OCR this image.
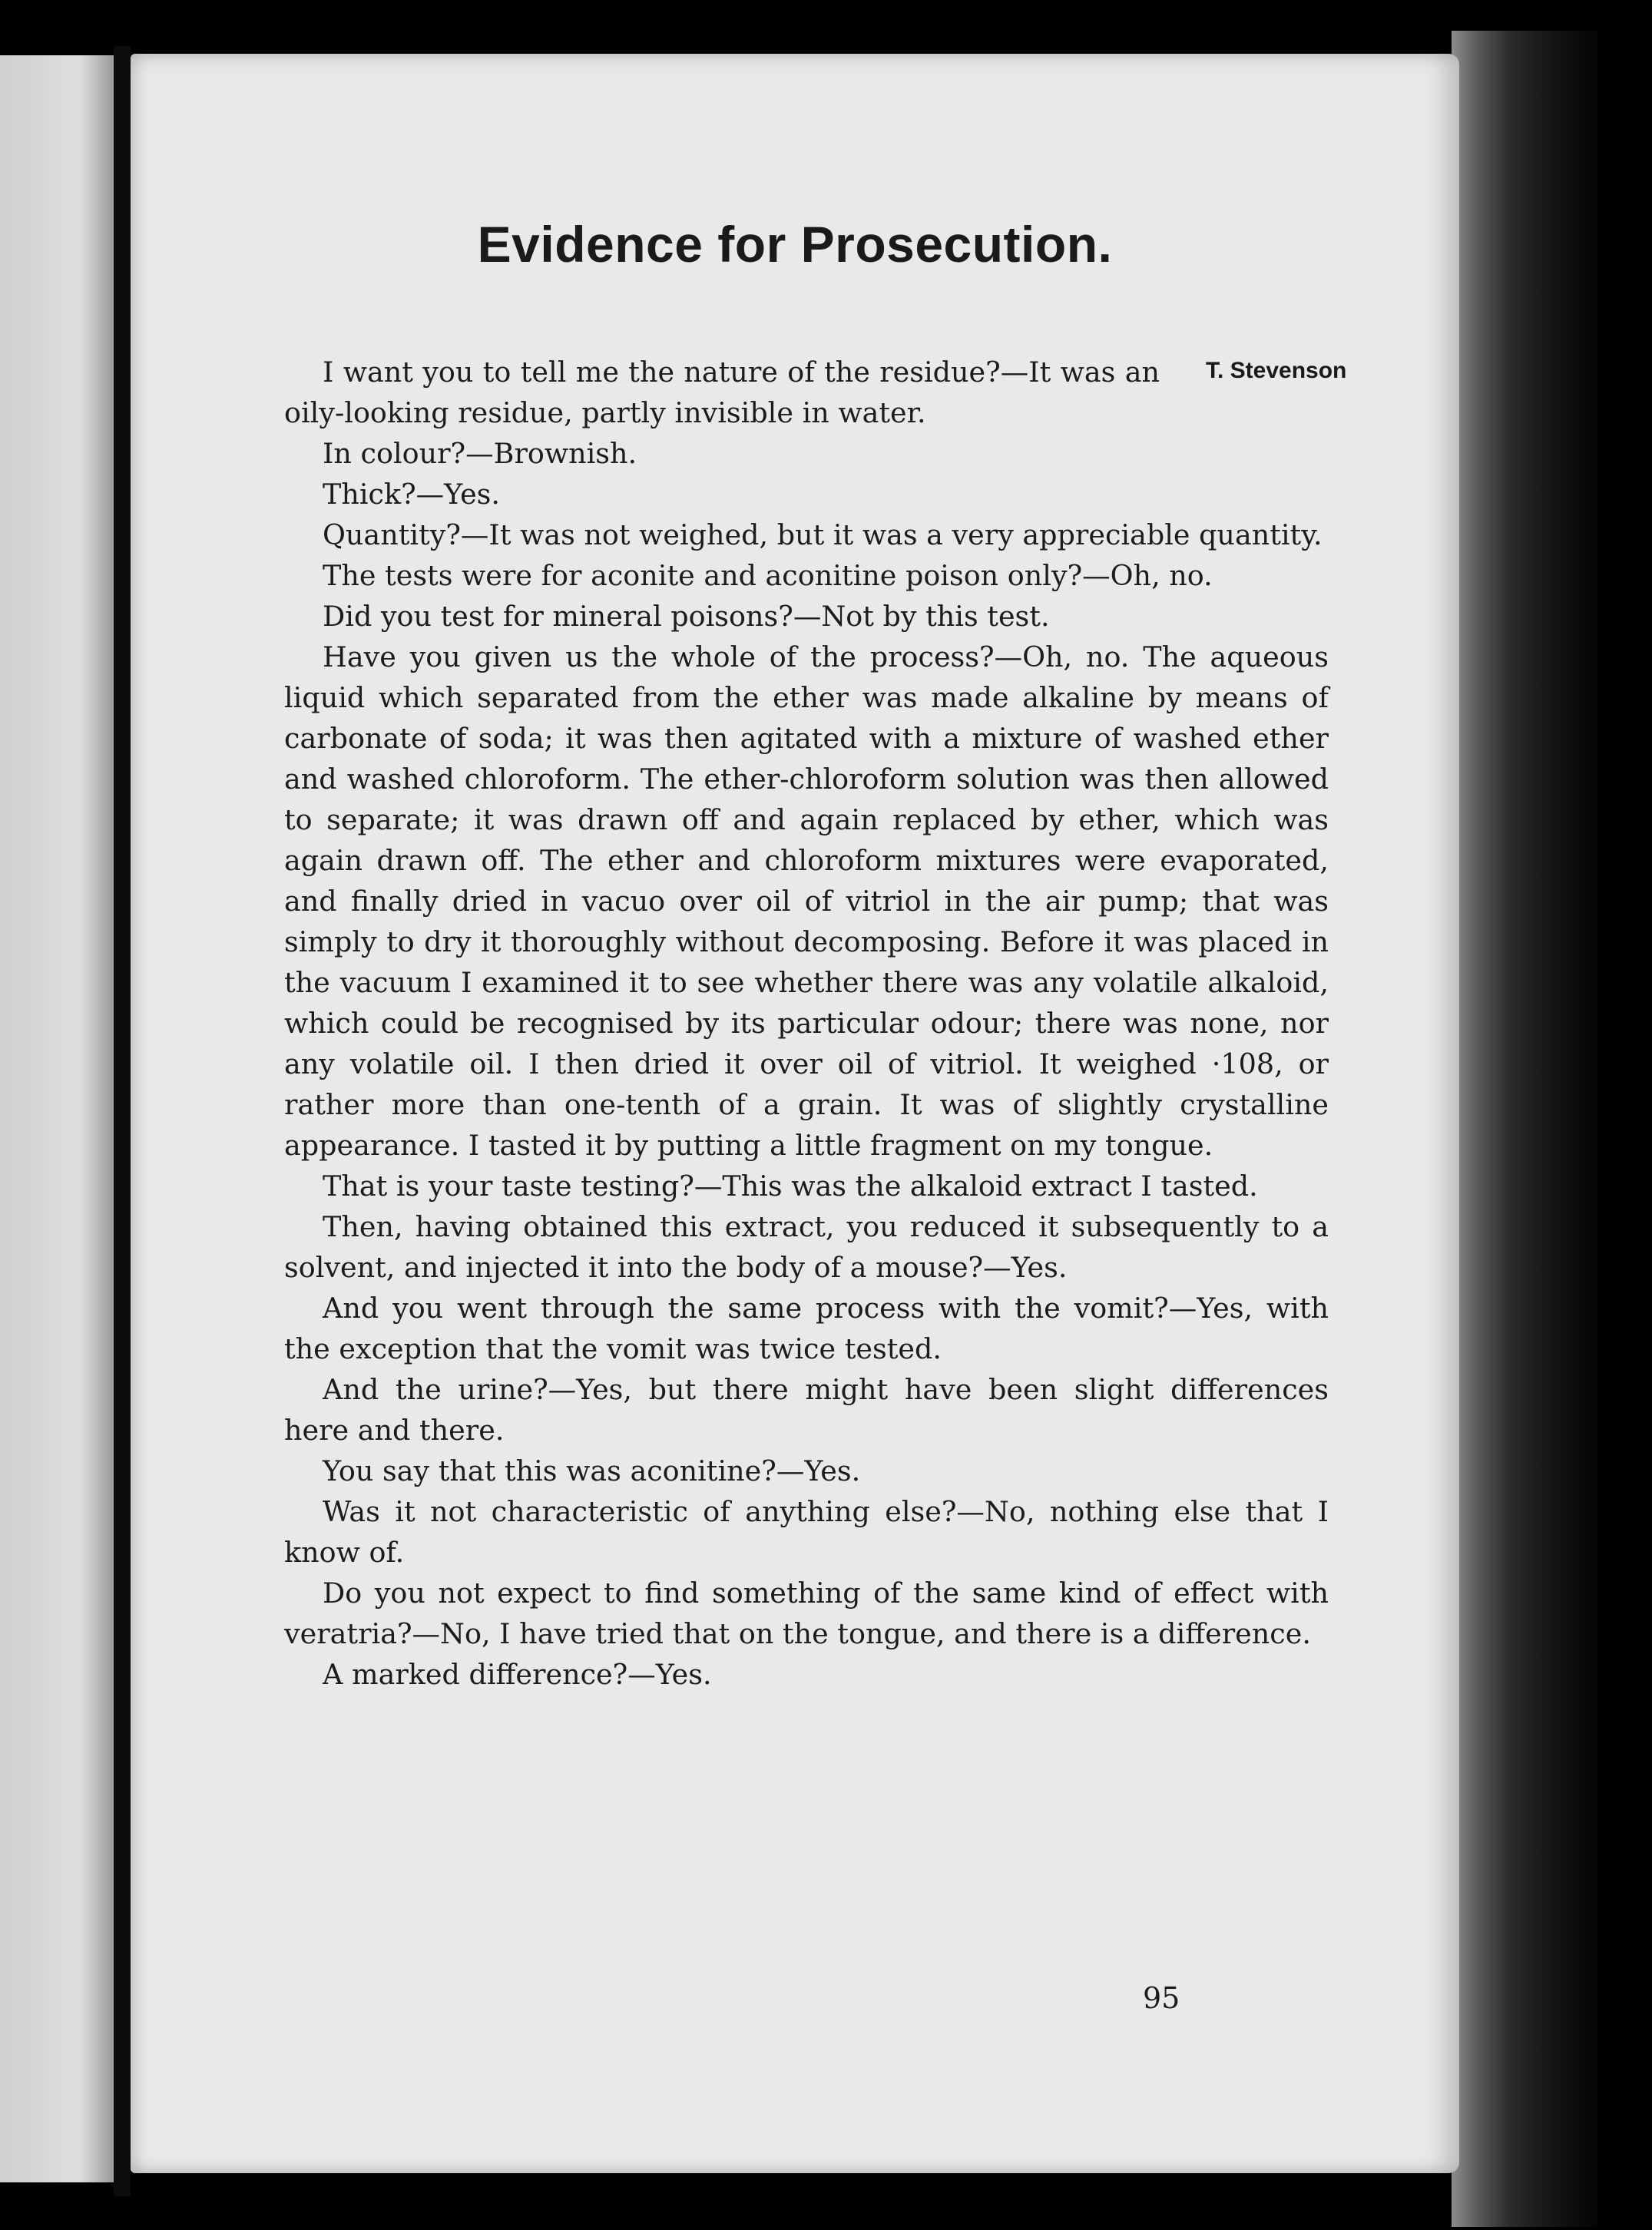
Evidence for Prosecution.
T. Stevenson

I want you to tell me the nature of the residue?—It was an oily-looking residue, partly invisible in water.

In colour?—Brownish.

Thick?—Yes.

Quantity?—It was not weighed, but it was a very appreciable quantity.

The tests were for aconite and aconitine poison only?—Oh, no.

Did you test for mineral poisons?—Not by this test.

Have you given us the whole of the process?—Oh, no. The aqueous liquid which separated from the ether was made alkaline by means of carbonate of soda; it was then agitated with a mixture of washed ether and washed chloroform. The ether-chloroform solution was then allowed to separate; it was drawn off and again replaced by ether, which was again drawn off. The ether and chloroform mixtures were evaporated, and finally dried in vacuo over oil of vitriol in the air pump; that was simply to dry it thoroughly without decomposing. Before it was placed in the vacuum I examined it to see whether there was any volatile alkaloid, which could be recognised by its particular odour; there was none, nor any volatile oil. I then dried it over oil of vitriol. It weighed ·108, or rather more than one-tenth of a grain. It was of slightly crystalline appearance. I tasted it by putting a little fragment on my tongue.

That is your taste testing?—This was the alkaloid extract I tasted.

Then, having obtained this extract, you reduced it subsequently to a solvent, and injected it into the body of a mouse?—Yes.

And you went through the same process with the vomit?—Yes, with the exception that the vomit was twice tested.

And the urine?—Yes, but there might have been slight differences here and there.

You say that this was aconitine?—Yes.

Was it not characteristic of anything else?—No, nothing else that I know of.

Do you not expect to find something of the same kind of effect with veratria?—No, I have tried that on the tongue, and there is a difference.

A marked difference?—Yes.

95
